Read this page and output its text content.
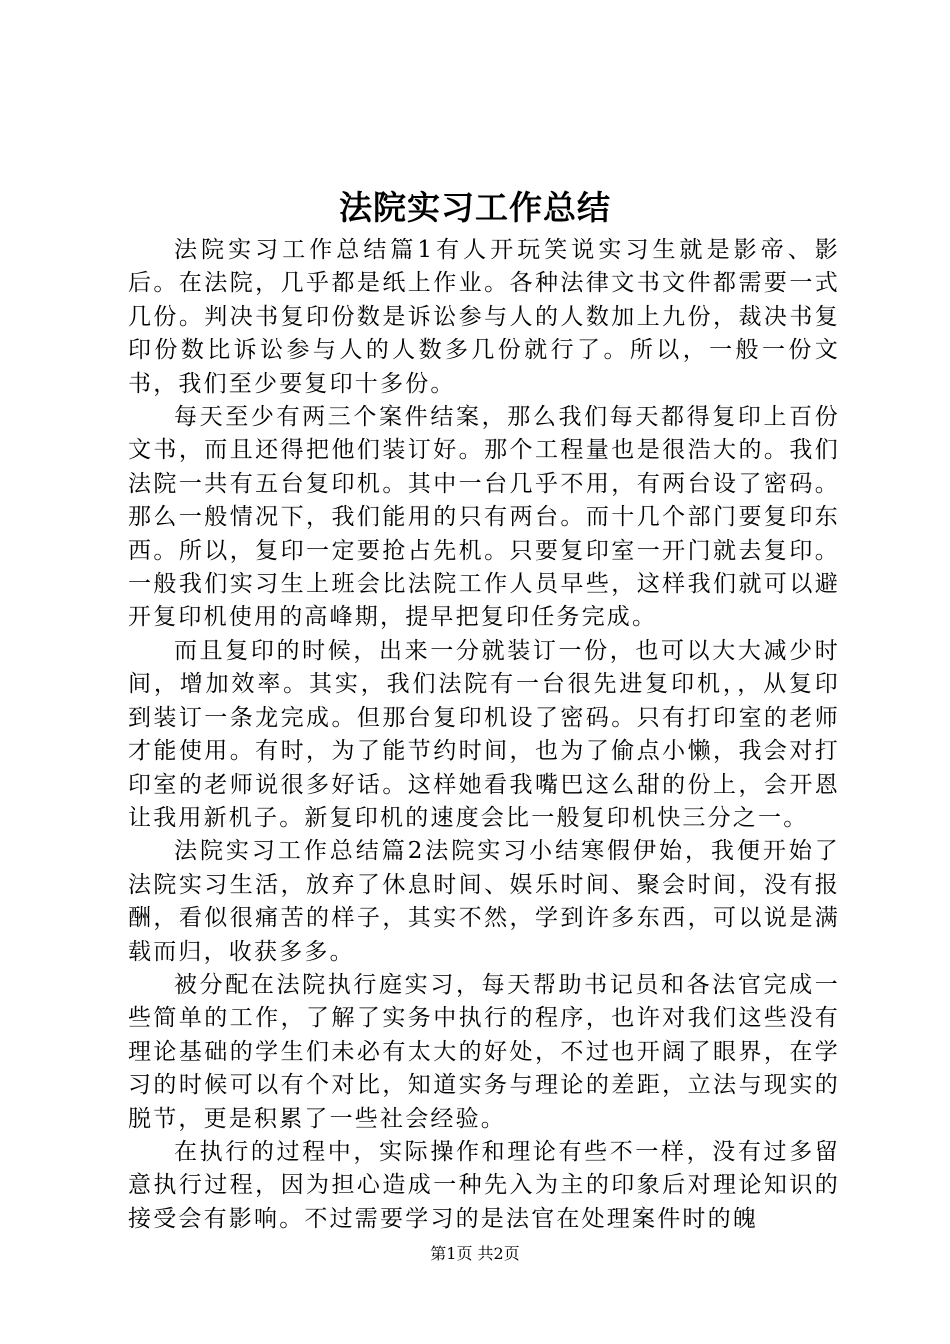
法院实习工作总结

法院实习工作总结篇1有人开玩笑说实习生就是影帝、影后。在法院，几乎都是纸上作业。各种法律文书文件都需要一式几份。判决书复印份数是诉讼参与人的人数加上九份，裁决书复印份数比诉讼参与人的人数多几份就行了。所以，一般一份文书，我们至少要复印十多份。

每天至少有两三个案件结案，那么我们每天都得复印上百份文书，而且还得把他们装订好。那个工程量也是很浩大的。我们法院一共有五台复印机。其中一台几乎不用，有两台设了密码。那么一般情况下，我们能用的只有两台。而十几个部门要复印东西。所以，复印一定要抢占先机。只要复印室一开门就去复印。一般我们实习生上班会比法院工作人员早些，这样我们就可以避开复印机使用的高峰期，提早把复印任务完成。

而且复印的时候，出来一分就装订一份，也可以大大减少时间，增加效率。其实，我们法院有一台很先进复印机，，从复印到装订一条龙完成。但那台复印机设了密码。只有打印室的老师才能使用。有时，为了能节约时间，也为了偷点小懒，我会对打印室的老师说很多好话。这样她看我嘴巴这么甜的份上，会开恩让我用新机子。新复印机的速度会比一般复印机快三分之一。

法院实习工作总结篇2法院实习小结寒假伊始，我便开始了法院实习生活，放弃了休息时间、娱乐时间、聚会时间，没有报酬，看似很痛苦的样子，其实不然，学到许多东西，可以说是满载而归，收获多多。

被分配在法院执行庭实习，每天帮助书记员和各法官完成一些简单的工作，了解了实务中执行的程序，也许对我们这些没有理论基础的学生们未必有太大的好处，不过也开阔了眼界，在学习的时候可以有个对比，知道实务与理论的差距，立法与现实的脱节，更是积累了一些社会经验。

在执行的过程中，实际操作和理论有些不一样，没有过多留意执行过程，因为担心造成一种先入为主的印象后对理论知识的接受会有影响。不过需要学习的是法官在处理案件时的魄

第1页 共2页
